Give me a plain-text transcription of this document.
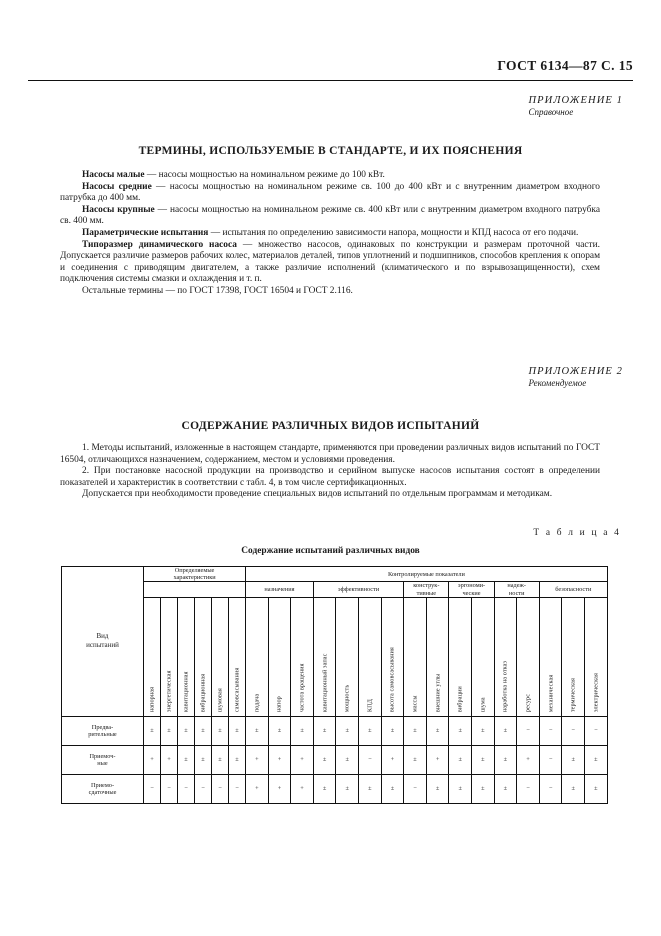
ГОСТ 6134—87 С. 15
ПРИЛОЖЕНИЕ 1
Справочное
ТЕРМИНЫ, ИСПОЛЬЗУЕМЫЕ В СТАНДАРТЕ, И ИХ ПОЯСНЕНИЯ

Насосы малые — насосы мощностью на номинальном режиме до 100 кВт.

Насосы средние — насосы мощностью на номинальном режиме св. 100 до 400 кВт и с внутренним диаметром входного патрубка до 400 мм.

Насосы крупные — насосы мощностью на номинальном режиме св. 400 кВт или с внутренним диаметром входного патрубка св. 400 мм.

Параметрические испытания — испытания по определению зависимости напора, мощности и КПД насоса от его подачи.

Типоразмер динамического насоса — множество насосов, одинаковых по конструкции и размерам проточной части. Допускается различие размеров рабочих колес, материалов деталей, типов уплотнений и подшипников, способов крепления к опорам и соединения с приводящим двигателем, а также различие исполнений (климатического и по взрывозащищенности), схем подключения системы смазки и охлаждения и т. п.

Остальные термины — по ГОСТ 17398, ГОСТ 16504 и ГОСТ 2.116.

ПРИЛОЖЕНИЕ 2
Рекомендуемое
СОДЕРЖАНИЕ РАЗЛИЧНЫХ ВИДОВ ИСПЫТАНИЙ

1. Методы испытаний, изложенные в настоящем стандарте, применяются при проведении различных видов испытаний по ГОСТ 16504, отличающихся назначением, содержанием, местом и условиями проведения.

2. При постановке насосной продукции на производство и серийном выпуске насосов испытания состоят в определении показателей и характеристик в соответствии с табл. 4, в том числе сертификационных.

Допускается при необходимости проведение специальных видов испытаний по отдельным программам и методикам.

Т а б л и ц а 4
Содержание испытаний различных видов
Вид
испытаний	Определяемые
характеристики						Контролируемые показатели															
							назначения			эффективности				конструк-
тивные		эргономи-
ческие		надеж-
ности		безопасности		

	напорная	энергетическая	кавитационная	вибрационная	шумовая	самовсасывания	подача	напор	частота вращения	кавитационный запас	мощность	КПД	высота самовсасывания	массы	внешние углы	вибрации	шума	наработка на отказ	ресурс	механическая	термическая	электрическая

Предва-
рительные	±	±	±	±	±	±	±	±	±	±	±	±	±	±	±	±	±	±	−	−	−	−
Приемоч-
ные	+	+	±	±	±	±	+	+	+	±	±	−	+	±	+	±	±	±	+	−	±	±
Приемо-
сдаточные	−	−	−	−	−	−	+	+	+	±	±	±	±	−	±	±	±	±	−	−	±	±
